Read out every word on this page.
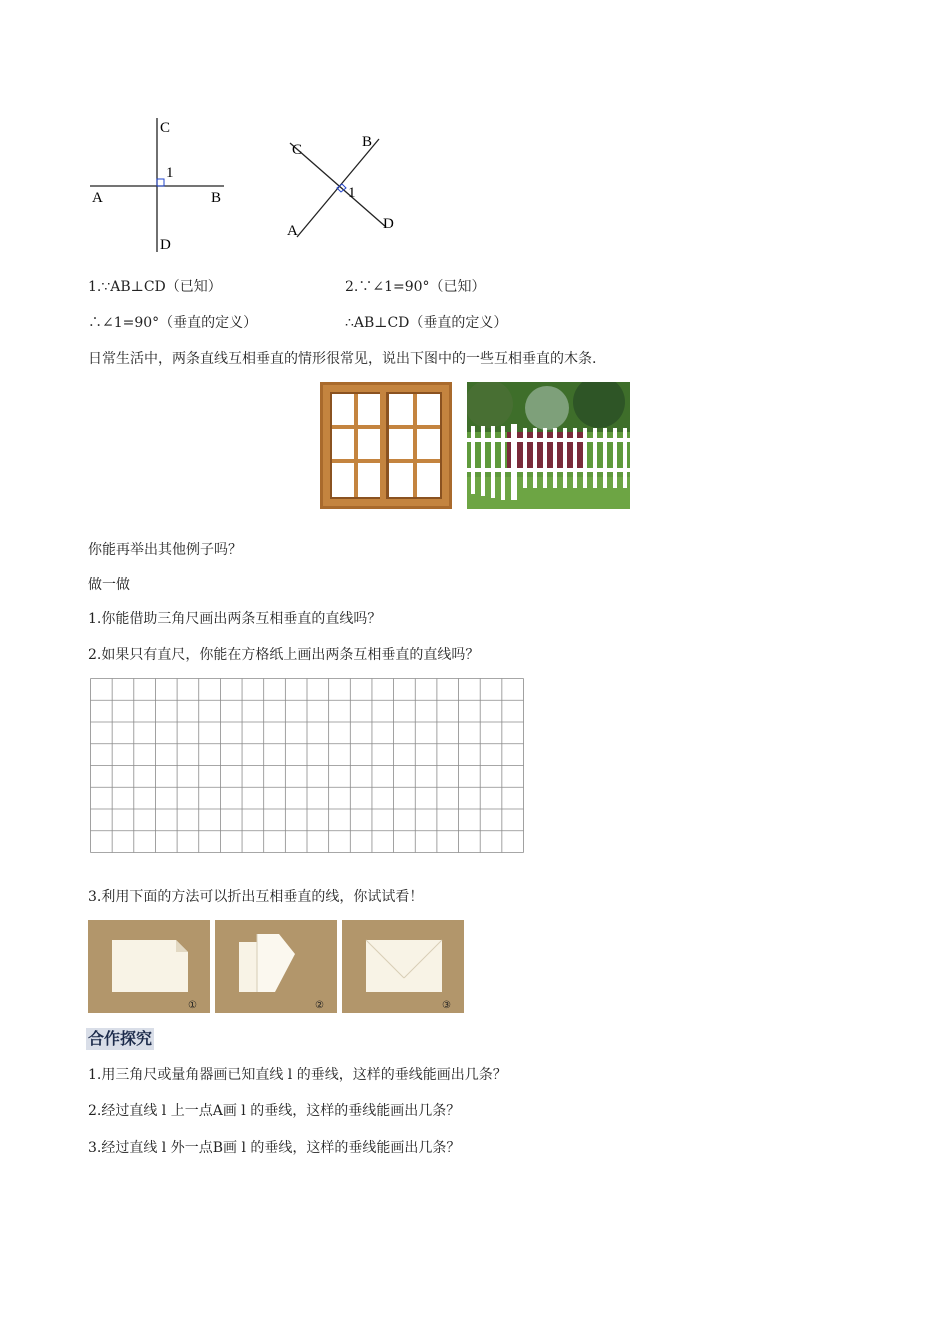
C
1
A	B
D
C	B
1
A	D
1.∵AB⊥CD（已知）
∴∠1=90°（垂直的定义）
2.∵∠1=90°（已知）
∴AB⊥CD（垂直的定义）
日常生活中，两条直线互相垂直的情形很常见，说出下图中的一些互相垂直的木条.
你能再举出其他例子吗？
做一做
1.你能借助三角尺画出两条互相垂直的直线吗？
2.如果只有直尺，你能在方格纸上画出两条互相垂直的直线吗？
3.利用下面的方法可以折出互相垂直的线，你试试看！
①	②	③
合作探究
1.用三角尺或量角器画已知直线 l 的垂线，这样的垂线能画出几条？
2.经过直线 l 上一点A画 l 的垂线，这样的垂线能画出几条？
3.经过直线 l 外一点B画 l 的垂线，这样的垂线能画出几条？
